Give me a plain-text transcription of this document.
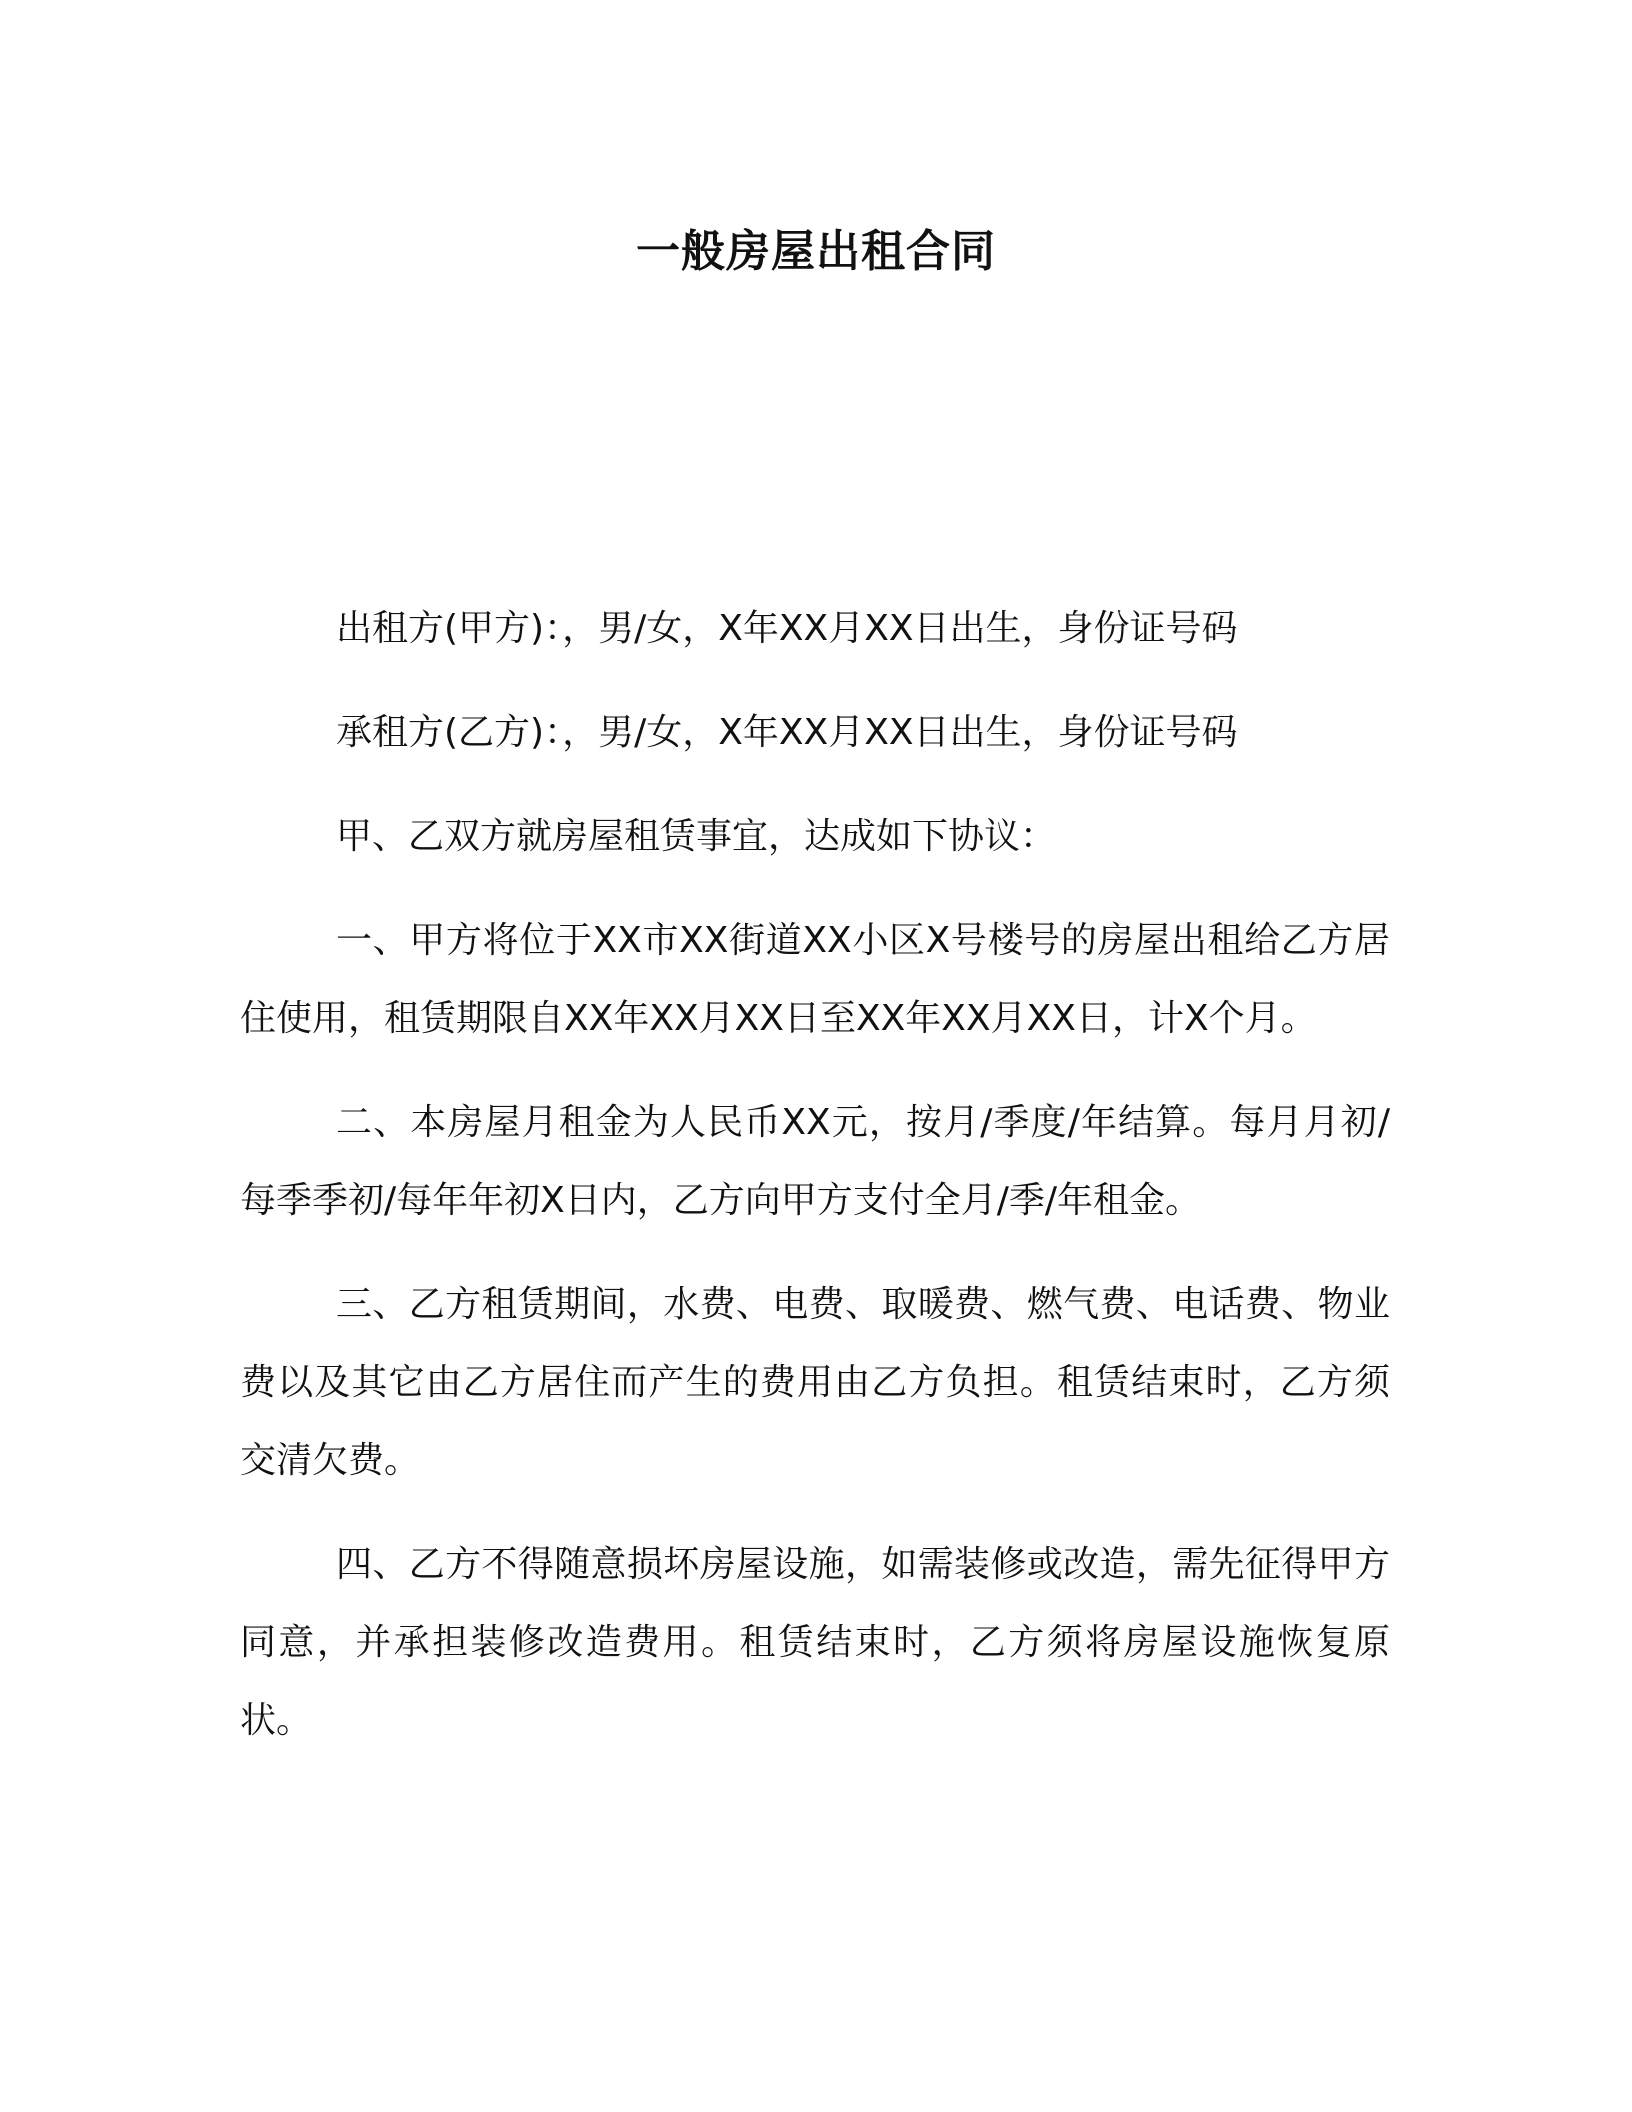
一般房屋出租合同

出租方(甲方)：，男/女，X年XX月XX日出生，身份证号码

承租方(乙方)：，男/女，X年XX月XX日出生，身份证号码

甲、乙双方就房屋租赁事宜，达成如下协议：

一、甲方将位于XX市XX街道XX小区X号楼号的房屋出租给乙方居住使用，租赁期限自XX年XX月XX日至XX年XX月XX日，计X个月。

二、本房屋月租金为人民币XX元，按月/季度/年结算。每月月初/每季季初/每年年初X日内，乙方向甲方支付全月/季/年租金。

三、乙方租赁期间，水费、电费、取暖费、燃气费、电话费、物业费以及其它由乙方居住而产生的费用由乙方负担。租赁结束时，乙方须交清欠费。

四、乙方不得随意损坏房屋设施，如需装修或改造，需先征得甲方同意，并承担装修改造费用。租赁结束时，乙方须将房屋设施恢复原状。
